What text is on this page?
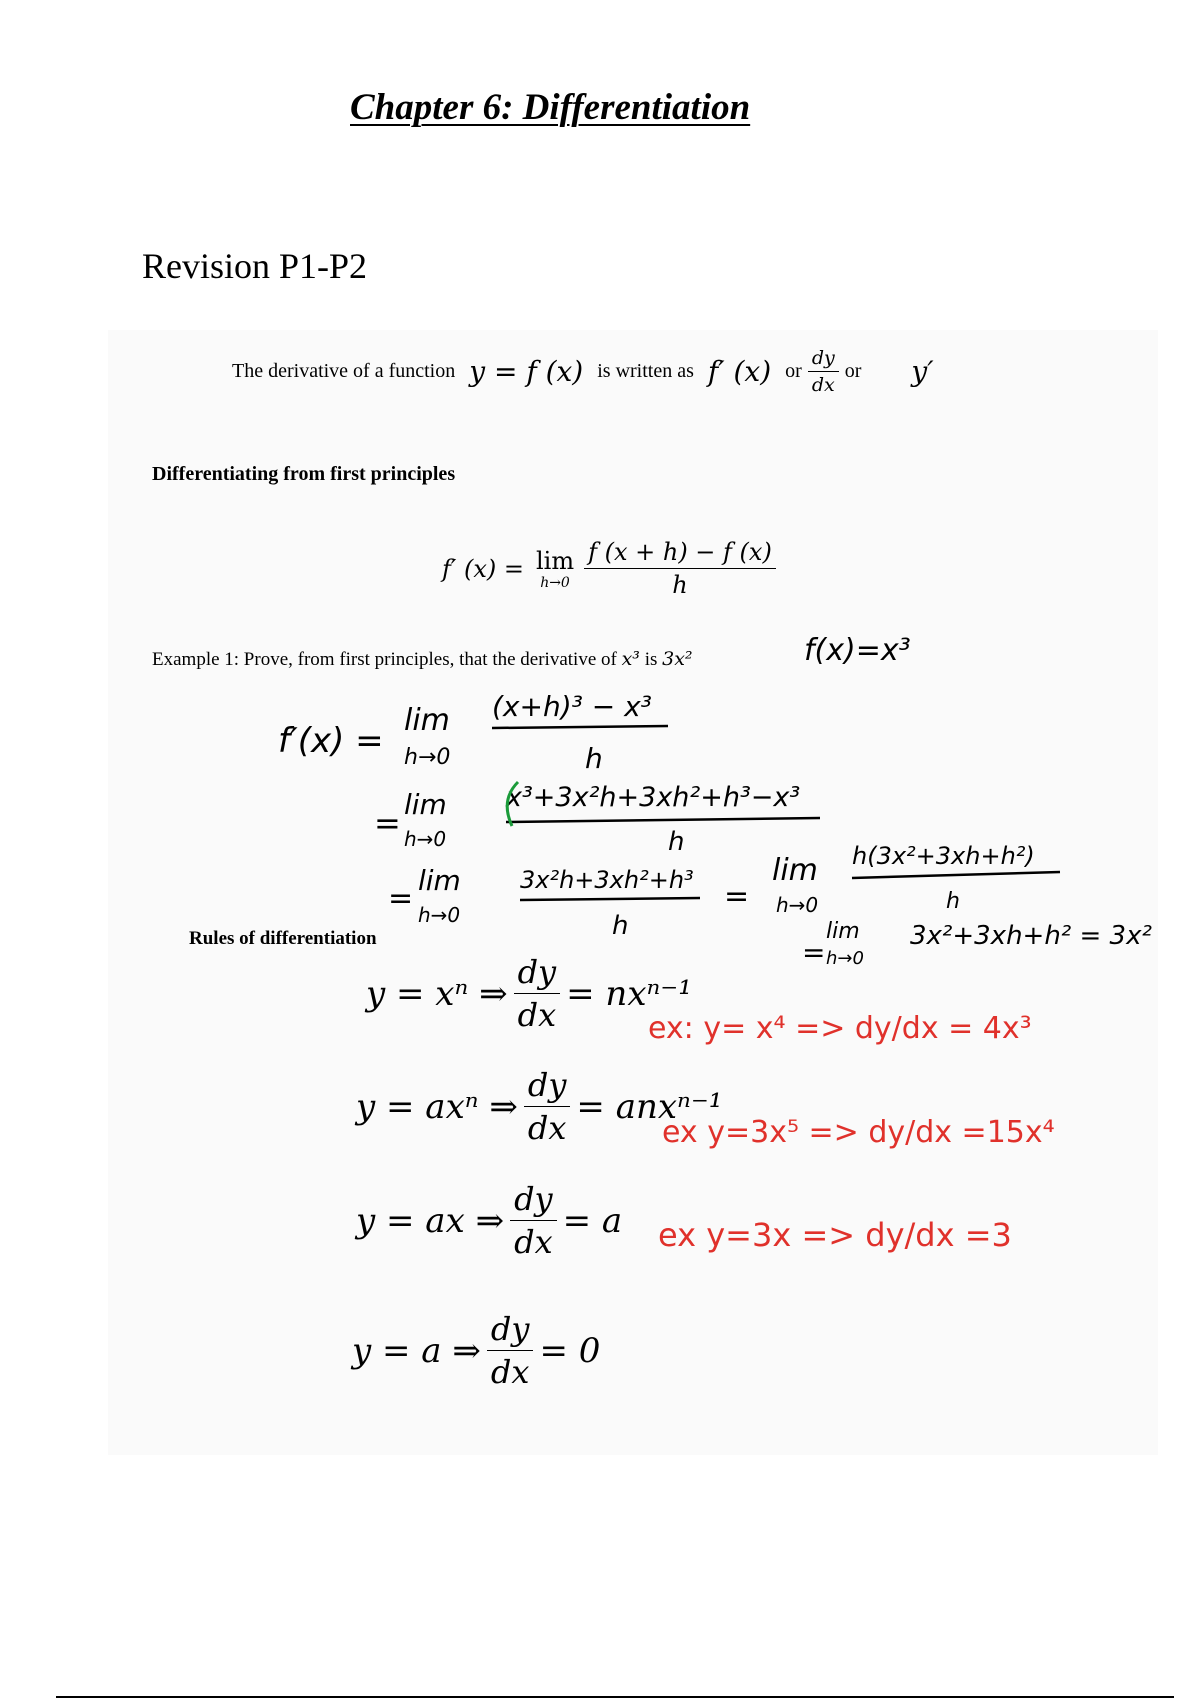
Chapter 6: Differentiation
Revision P1-P2
The derivative of a function y = f (x) is written as f′ (x) or $\frac{dy}{dx}$ or y′
Differentiating from first principles
f′ (x) = lim
$h\to 0 \frac{f (x + h) - f (x)}{h}$
Example 1: Prove, from first principles, that the derivative of x³ is 3x²
Rules of differentiation
y = xⁿ ⇒ $\frac{dy}{dx} = nx^{n-1}$
y = axⁿ ⇒ $\frac{dy}{dx} = anx^{n-1}$
y = ax ⇒ $\frac{dy}{dx} = a$
y = a ⇒ $\frac{dy}{dx} = 0$
f(x)=x³
f′(x) =
lim
h→0
(x+h)³ − x³
h
= lim
h→0
x³+3x²h+3xh²+h³−x³
h
=
lim
h→0
3x²h+3xh²+h³
h
=
lim
h→0
h(3x²+3xh+h²)
h
=
lim
h→0
3x²+3xh+h² = 3x²
ex: y= x⁴ => dy/dx = 4x³
ex y=3x⁵ => dy/dx =15x⁴
ex y=3x => dy/dx =3
